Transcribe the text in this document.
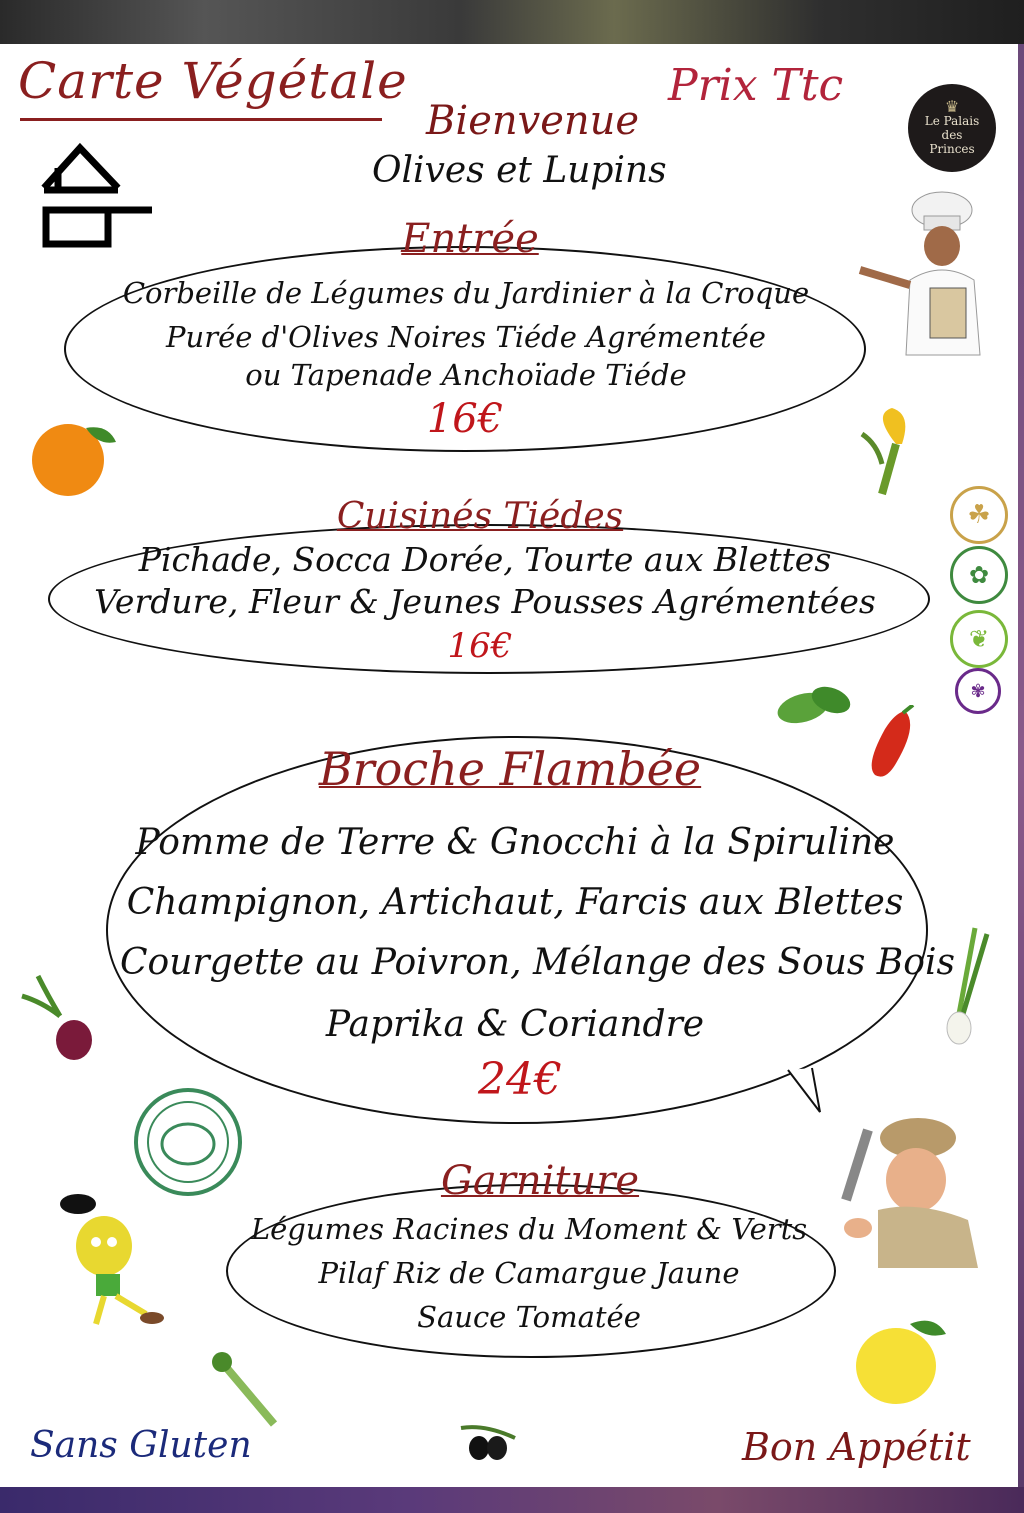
Carte Végétale	Prix Ttc
Bienvenue
Olives et Lupins
♛
Le Palais
des
Princes
☘
✿
❦
✾
Entrée
Corbeille de Légumes du Jardinier à la Croque
Purée d'Olives Noires Tiéde Agrémentée
ou Tapenade Anchoïade Tiéde
16€
Cuisinés Tiédes
Pichade, Socca Dorée, Tourte aux Blettes
Verdure, Fleur & Jeunes Pousses Agrémentées
16€
Broche Flambée
Pomme de Terre & Gnocchi à la Spiruline
Champignon, Artichaut, Farcis aux Blettes
Courgette au Poivron, Mélange des Sous Bois
Paprika & Coriandre
24€
Garniture
Légumes Racines du Moment & Verts
Pilaf Riz de Camargue Jaune
Sauce Tomatée
Sans Gluten	Bon Appétit
